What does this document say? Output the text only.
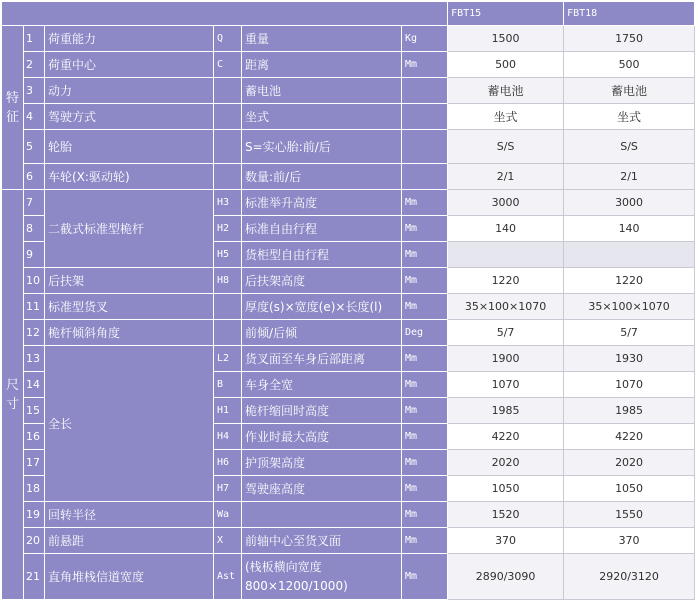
						FBT15	FBT18
特征	1	荷重能力	Q	重量	Kg	1500	1750
	2	荷重中心	C	距离	Mm	500	500
	3	动力		蓄电池		蓄电池	蓄电池
	4	驾驶方式		坐式		坐式	坐式
	5	轮胎		S=实心胎:前/后		S/S	S/S
	6	车轮(X:驱动轮)		数量:前/后		2/1	2/1
尺寸	7	二截式标准型桅杆	H3	标准举升高度	Mm	3000	3000
	8		H2	标准自由行程	Mm	140	140
	9		H5	货柜型自由行程	Mm		
	10	后扶架	H8	后扶架高度	Mm	1220	1220
	11	标准型货叉		厚度(s)×宽度(e)×长度(l)	Mm	35×100×1070	35×100×1070
	12	桅杆倾斜角度		前倾/后倾	Deg	5/7	5/7
	13	全长	L2	货叉面至车身后部距离	Mm	1900	1930
	14		B	车身全宽	Mm	1070	1070
	15		H1	桅杆缩回时高度	Mm	1985	1985
	16		H4	作业时最大高度	Mm	4220	4220
	17		H6	护顶架高度	Mm	2020	2020
	18		H7	驾驶座高度	Mm	1050	1050
	19	回转半径	Wa		Mm	1520	1550
	20	前悬距	X	前轴中心至货叉面	Mm	370	370
	21	直角堆栈信道宽度	Ast	(栈板横向宽度 800×1200/1000)	Mm	2890/3090	2920/3120
